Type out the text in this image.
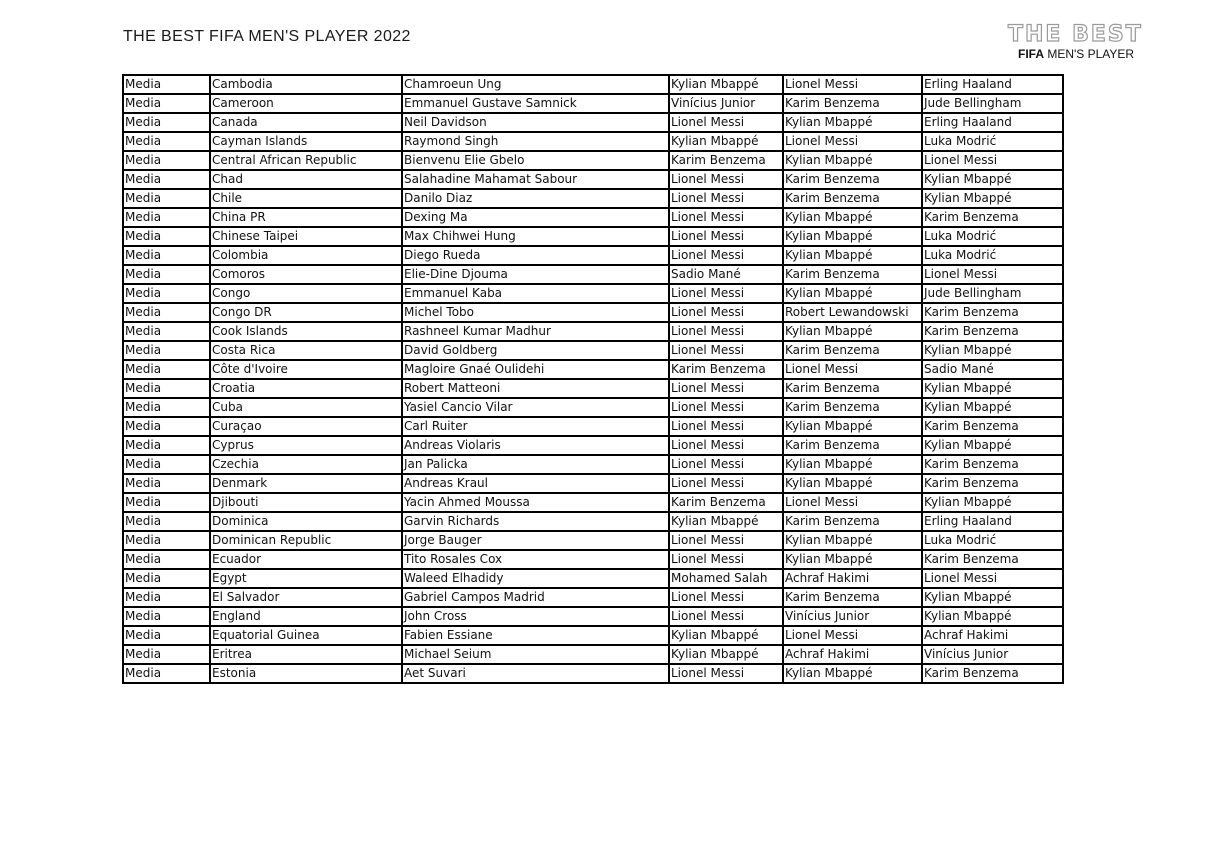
THE BEST FIFA MEN'S PLAYER 2022	THE BEST
FIFA MEN'S PLAYER
Media	Cambodia	Chamroeun Ung	Kylian Mbappé	Lionel Messi	Erling Haaland
Media	Cameroon	Emmanuel Gustave Samnick	Vinícius Junior	Karim Benzema	Jude Bellingham
Media	Canada	Neil Davidson	Lionel Messi	Kylian Mbappé	Erling Haaland
Media	Cayman Islands	Raymond Singh	Kylian Mbappé	Lionel Messi	Luka Modrić
Media	Central African Republic	Bienvenu Elie Gbelo	Karim Benzema	Kylian Mbappé	Lionel Messi
Media	Chad	Salahadine Mahamat Sabour	Lionel Messi	Karim Benzema	Kylian Mbappé
Media	Chile	Danilo Diaz	Lionel Messi	Karim Benzema	Kylian Mbappé
Media	China PR	Dexing Ma	Lionel Messi	Kylian Mbappé	Karim Benzema
Media	Chinese Taipei	Max Chihwei Hung	Lionel Messi	Kylian Mbappé	Luka Modrić
Media	Colombia	Diego Rueda	Lionel Messi	Kylian Mbappé	Luka Modrić
Media	Comoros	Elie-Dine Djouma	Sadio Mané	Karim Benzema	Lionel Messi
Media	Congo	Emmanuel Kaba	Lionel Messi	Kylian Mbappé	Jude Bellingham
Media	Congo DR	Michel Tobo	Lionel Messi	Robert Lewandowski	Karim Benzema
Media	Cook Islands	Rashneel Kumar Madhur	Lionel Messi	Kylian Mbappé	Karim Benzema
Media	Costa Rica	David Goldberg	Lionel Messi	Karim Benzema	Kylian Mbappé
Media	Côte d'Ivoire	Magloire Gnaé Oulidehi	Karim Benzema	Lionel Messi	Sadio Mané
Media	Croatia	Robert Matteoni	Lionel Messi	Karim Benzema	Kylian Mbappé
Media	Cuba	Yasiel Cancio Vilar	Lionel Messi	Karim Benzema	Kylian Mbappé
Media	Curaçao	Carl Ruiter	Lionel Messi	Kylian Mbappé	Karim Benzema
Media	Cyprus	Andreas Violaris	Lionel Messi	Karim Benzema	Kylian Mbappé
Media	Czechia	Jan Palicka	Lionel Messi	Kylian Mbappé	Karim Benzema
Media	Denmark	Andreas Kraul	Lionel Messi	Kylian Mbappé	Karim Benzema
Media	Djibouti	Yacin Ahmed Moussa	Karim Benzema	Lionel Messi	Kylian Mbappé
Media	Dominica	Garvin Richards	Kylian Mbappé	Karim Benzema	Erling Haaland
Media	Dominican Republic	Jorge Bauger	Lionel Messi	Kylian Mbappé	Luka Modrić
Media	Ecuador	Tito Rosales Cox	Lionel Messi	Kylian Mbappé	Karim Benzema
Media	Egypt	Waleed Elhadidy	Mohamed Salah	Achraf Hakimi	Lionel Messi
Media	El Salvador	Gabriel Campos Madrid	Lionel Messi	Karim Benzema	Kylian Mbappé
Media	England	John Cross	Lionel Messi	Vinícius Junior	Kylian Mbappé
Media	Equatorial Guinea	Fabien Essiane	Kylian Mbappé	Lionel Messi	Achraf Hakimi
Media	Eritrea	Michael Seium	Kylian Mbappé	Achraf Hakimi	Vinícius Junior
Media	Estonia	Aet Suvari	Lionel Messi	Kylian Mbappé	Karim Benzema
